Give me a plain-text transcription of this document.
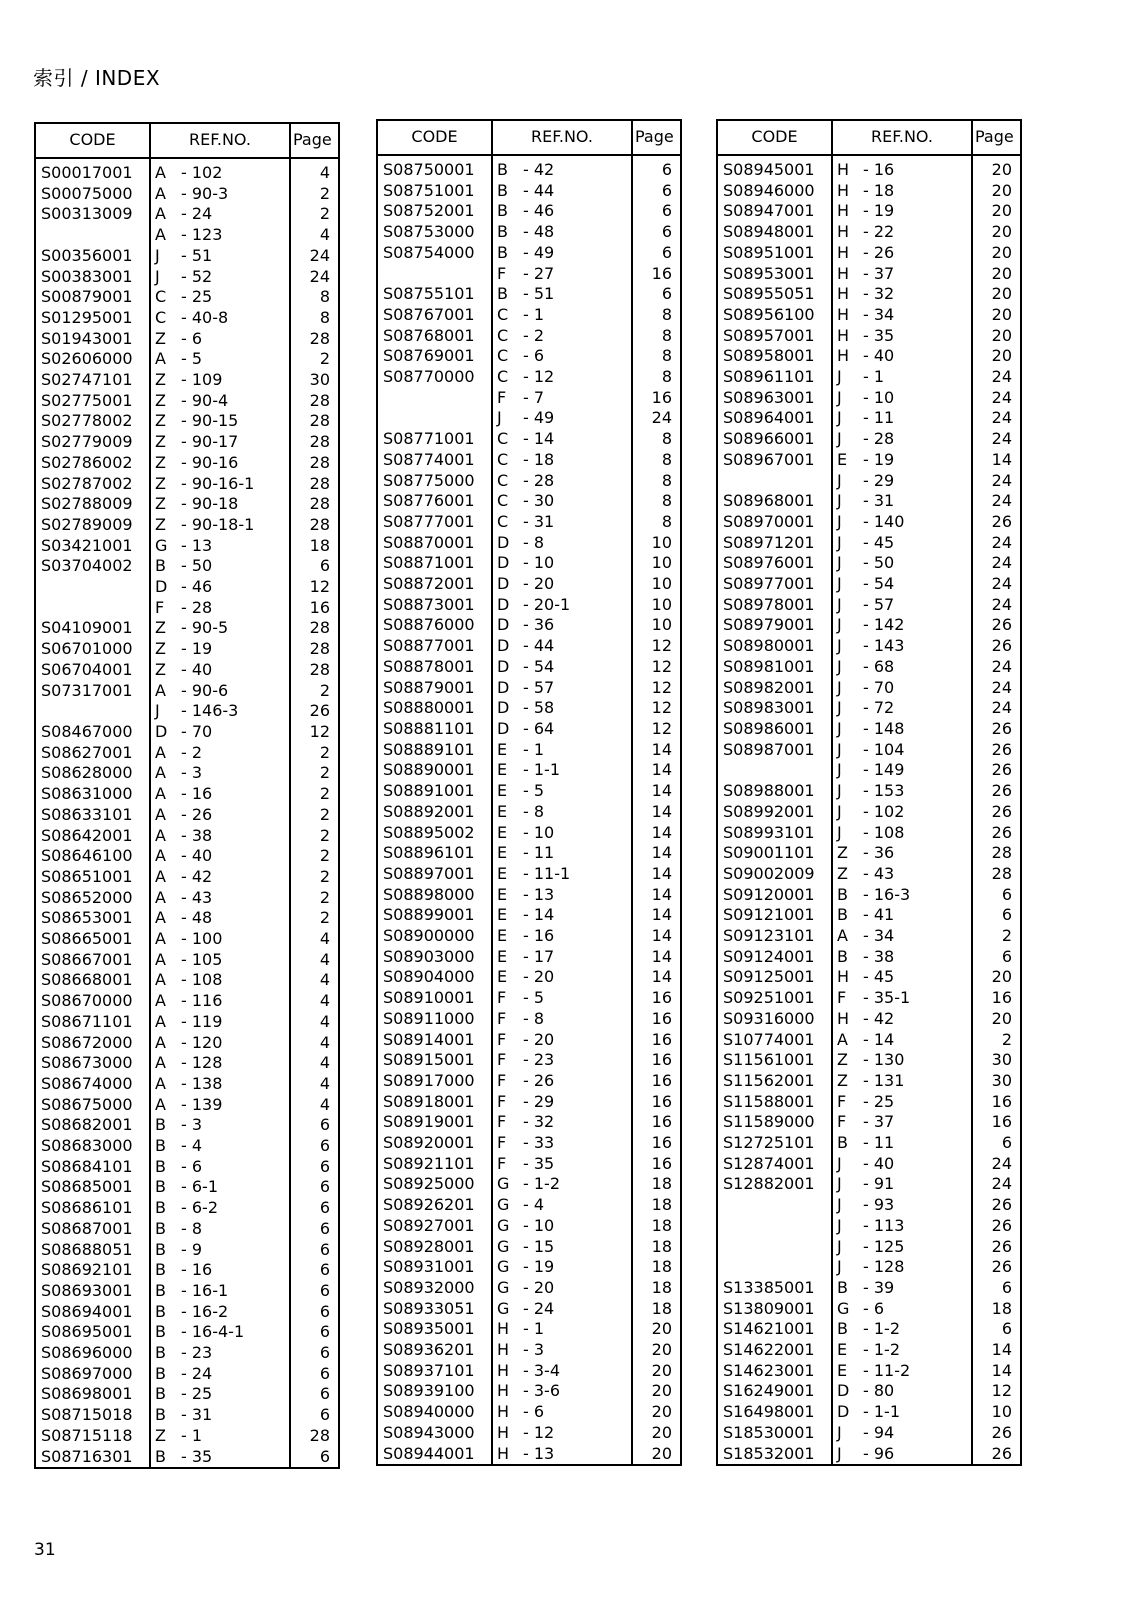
索引 / INDEX
CODE	REF.NO.	Page
S00017001	A - 102	4
S00075000	A - 90-3	2
S00313009	A - 24	2
	A - 123	4
S00356001	J - 51	24
S00383001	J - 52	24
S00879001	C - 25	8
S01295001	C - 40-8	8
S01943001	Z - 6	28
S02606000	A - 5	2
S02747101	Z - 109	30
S02775001	Z - 90-4	28
S02778002	Z - 90-15	28
S02779009	Z - 90-17	28
S02786002	Z - 90-16	28
S02787002	Z - 90-16-1	28
S02788009	Z - 90-18	28
S02789009	Z - 90-18-1	28
S03421001	G - 13	18
S03704002	B - 50	6
	D - 46	12
	F - 28	16
S04109001	Z - 90-5	28
S06701000	Z - 19	28
S06704001	Z - 40	28
S07317001	A - 90-6	2
	J - 146-3	26
S08467000	D - 70	12
S08627001	A - 2	2
S08628000	A - 3	2
S08631000	A - 16	2
S08633101	A - 26	2
S08642001	A - 38	2
S08646100	A - 40	2
S08651001	A - 42	2
S08652000	A - 43	2
S08653001	A - 48	2
S08665001	A - 100	4
S08667001	A - 105	4
S08668001	A - 108	4
S08670000	A - 116	4
S08671101	A - 119	4
S08672000	A - 120	4
S08673000	A - 128	4
S08674000	A - 138	4
S08675000	A - 139	4
S08682001	B - 3	6
S08683000	B - 4	6
S08684101	B - 6	6
S08685001	B - 6-1	6
S08686101	B - 6-2	6
S08687001	B - 8	6
S08688051	B - 9	6
S08692101	B - 16	6
S08693001	B - 16-1	6
S08694001	B - 16-2	6
S08695001	B - 16-4-1	6
S08696000	B - 23	6
S08697000	B - 24	6
S08698001	B - 25	6
S08715018	B - 31	6
S08715118	Z - 1	28
S08716301	B - 35	6
CODE	REF.NO.	Page
S08750001	B - 42	6
S08751001	B - 44	6
S08752001	B - 46	6
S08753000	B - 48	6
S08754000	B - 49	6
	F - 27	16
S08755101	B - 51	6
S08767001	C - 1	8
S08768001	C - 2	8
S08769001	C - 6	8
S08770000	C - 12	8
	F - 7	16
	J - 49	24
S08771001	C - 14	8
S08774001	C - 18	8
S08775000	C - 28	8
S08776001	C - 30	8
S08777001	C - 31	8
S08870001	D - 8	10
S08871001	D - 10	10
S08872001	D - 20	10
S08873001	D - 20-1	10
S08876000	D - 36	10
S08877001	D - 44	12
S08878001	D - 54	12
S08879001	D - 57	12
S08880001	D - 58	12
S08881101	D - 64	12
S08889101	E - 1	14
S08890001	E - 1-1	14
S08891001	E - 5	14
S08892001	E - 8	14
S08895002	E - 10	14
S08896101	E - 11	14
S08897001	E - 11-1	14
S08898000	E - 13	14
S08899001	E - 14	14
S08900000	E - 16	14
S08903000	E - 17	14
S08904000	E - 20	14
S08910001	F - 5	16
S08911000	F - 8	16
S08914001	F - 20	16
S08915001	F - 23	16
S08917000	F - 26	16
S08918001	F - 29	16
S08919001	F - 32	16
S08920001	F - 33	16
S08921101	F - 35	16
S08925000	G - 1-2	18
S08926201	G - 4	18
S08927001	G - 10	18
S08928001	G - 15	18
S08931001	G - 19	18
S08932000	G - 20	18
S08933051	G - 24	18
S08935001	H - 1	20
S08936201	H - 3	20
S08937101	H - 3-4	20
S08939100	H - 3-6	20
S08940000	H - 6	20
S08943000	H - 12	20
S08944001	H - 13	20
CODE	REF.NO.	Page
S08945001	H - 16	20
S08946000	H - 18	20
S08947001	H - 19	20
S08948001	H - 22	20
S08951001	H - 26	20
S08953001	H - 37	20
S08955051	H - 32	20
S08956100	H - 34	20
S08957001	H - 35	20
S08958001	H - 40	20
S08961101	J - 1	24
S08963001	J - 10	24
S08964001	J - 11	24
S08966001	J - 28	24
S08967001	E - 19	14
	J - 29	24
S08968001	J - 31	24
S08970001	J - 140	26
S08971201	J - 45	24
S08976001	J - 50	24
S08977001	J - 54	24
S08978001	J - 57	24
S08979001	J - 142	26
S08980001	J - 143	26
S08981001	J - 68	24
S08982001	J - 70	24
S08983001	J - 72	24
S08986001	J - 148	26
S08987001	J - 104	26
	J - 149	26
S08988001	J - 153	26
S08992001	J - 102	26
S08993101	J - 108	26
S09001101	Z - 36	28
S09002009	Z - 43	28
S09120001	B - 16-3	6
S09121001	B - 41	6
S09123101	A - 34	2
S09124001	B - 38	6
S09125001	H - 45	20
S09251001	F - 35-1	16
S09316000	H - 42	20
S10774001	A - 14	2
S11561001	Z - 130	30
S11562001	Z - 131	30
S11588001	F - 25	16
S11589000	F - 37	16
S12725101	B - 11	6
S12874001	J - 40	24
S12882001	J - 91	24
	J - 93	26
	J - 113	26
	J - 125	26
	J - 128	26
S13385001	B - 39	6
S13809001	G - 6	18
S14621001	B - 1-2	6
S14622001	E - 1-2	14
S14623001	E - 11-2	14
S16249001	D - 80	12
S16498001	D - 1-1	10
S18530001	J - 94	26
S18532001	J - 96	26
31
